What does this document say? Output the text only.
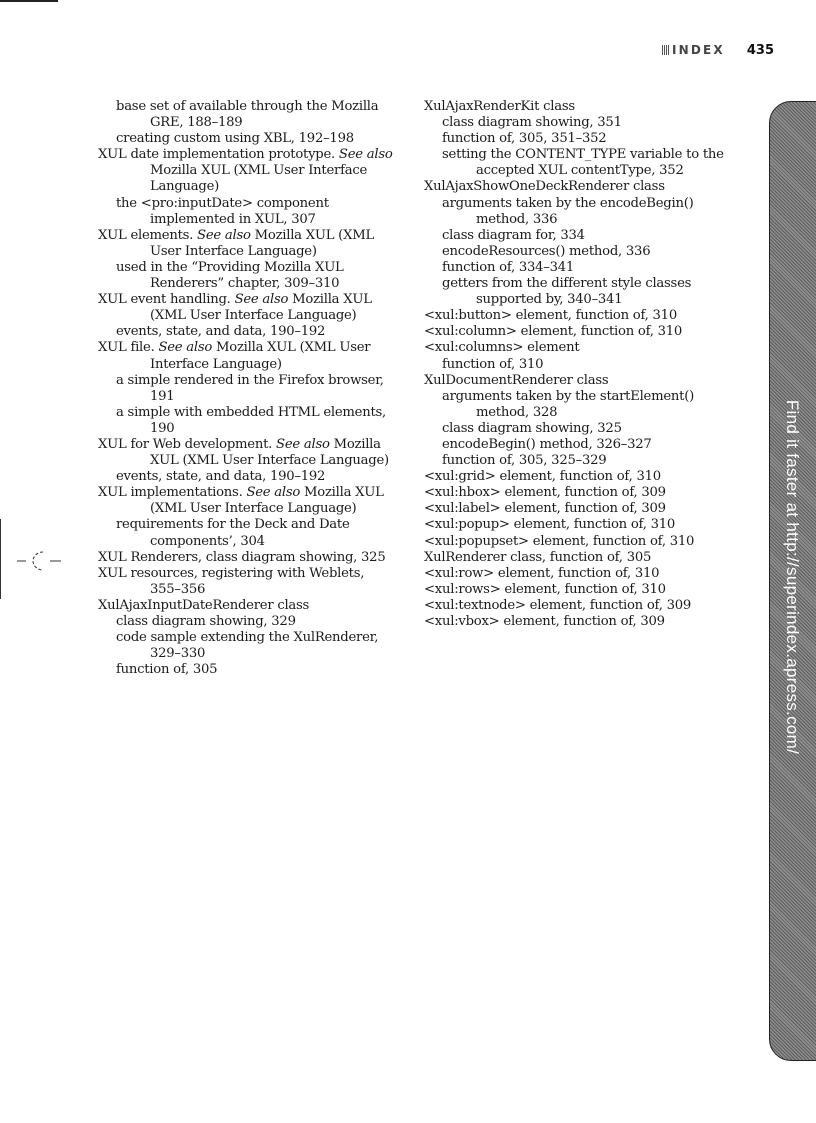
INDEX 435
base set of available through the Mozilla GRE, 188–189
creating custom using XBL, 192–198
XUL date implementation prototype. See also Mozilla XUL (XML User Interface Language)
the <pro:inputDate> component implemented in XUL, 307
XUL elements. See also Mozilla XUL (XML User Interface Language)
used in the “Providing Mozilla XUL Renderers” chapter, 309–310
XUL event handling. See also Mozilla XUL (XML User Interface Language)
events, state, and data, 190–192
XUL file. See also Mozilla XUL (XML User Interface Language)
a simple rendered in the Firefox browser, 191
a simple with embedded HTML elements, 190
XUL for Web development. See also Mozilla XUL (XML User Interface Language)
events, state, and data, 190–192
XUL implementations. See also Mozilla XUL (XML User Interface Language)
requirements for the Deck and Date components’, 304
XUL Renderers, class diagram showing, 325
XUL resources, registering with Weblets, 355–356
XulAjaxInputDateRenderer class
class diagram showing, 329
code sample extending the XulRenderer, 329–330
function of, 305
XulAjaxRenderKit class
class diagram showing, 351
function of, 305, 351–352
setting the CONTENT_TYPE variable to the accepted XUL contentType, 352
XulAjaxShowOneDeckRenderer class
arguments taken by the encodeBegin() method, 336
class diagram for, 334
encodeResources() method, 336
function of, 334–341
getters from the different style classes supported by, 340–341
<xul:button> element, function of, 310
<xul:column> element, function of, 310
<xul:columns> element
function of, 310
XulDocumentRenderer class
arguments taken by the startElement() method, 328
class diagram showing, 325
encodeBegin() method, 326–327
function of, 305, 325–329
<xul:grid> element, function of, 310
<xul:hbox> element, function of, 309
<xul:label> element, function of, 309
<xul:popup> element, function of, 310
<xul:popupset> element, function of, 310
XulRenderer class, function of, 305
<xul:row> element, function of, 310
<xul:rows> element, function of, 310
<xul:textnode> element, function of, 309
<xul:vbox> element, function of, 309	Find it faster at http://superindex.apress.com/
